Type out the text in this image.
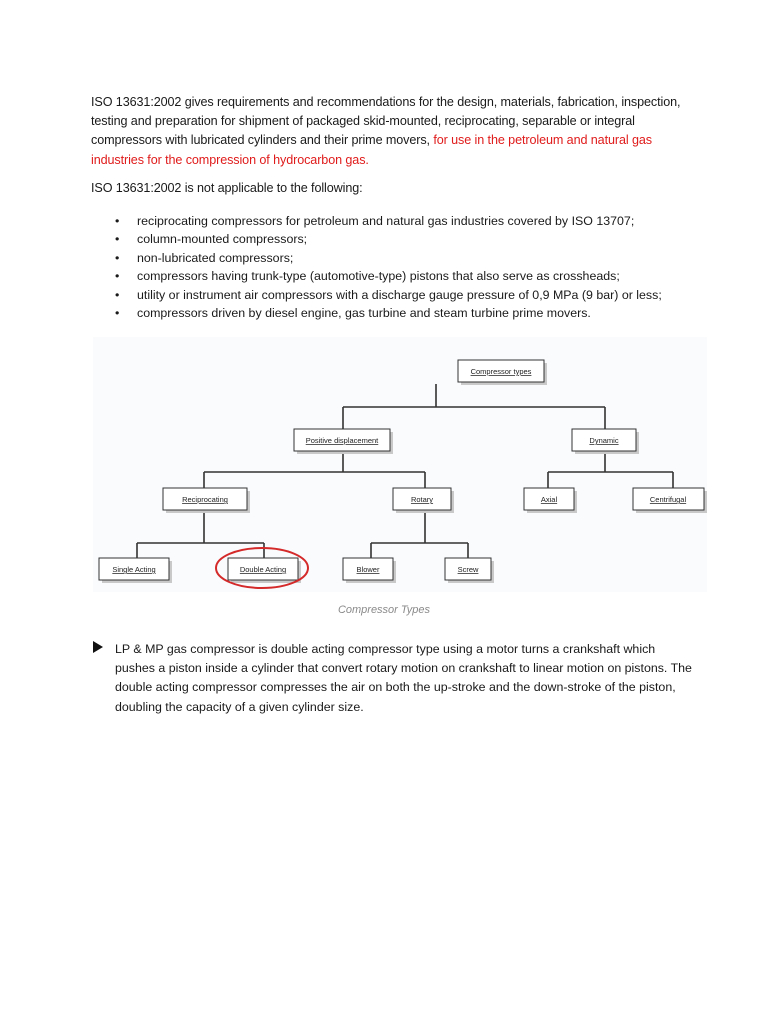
ISO 13631:2002 gives requirements and recommendations for the design, materials, fabrication, inspection, testing and preparation for shipment of packaged skid-mounted, reciprocating, separable or integral compressors with lubricated cylinders and their prime movers, for use in the petroleum and natural gas industries for the compression of hydrocarbon gas.
ISO 13631:2002 is not applicable to the following:
• reciprocating compressors for petroleum and natural gas industries covered by ISO 13707;
• column-mounted compressors;
• non-lubricated compressors;
• compressors having trunk-type (automotive-type) pistons that also serve as crossheads;
• utility or instrument air compressors with a discharge gauge pressure of 0,9 MPa (9 bar) or less;
• compressors driven by diesel engine, gas turbine and steam turbine prime movers.
Compressor types
Positive displacement	Dynamic
Reciprocating	Rotary	Axial	Centrifugal
Single Acting	Double Acting	Blower	Screw
Compressor Types
LP & MP gas compressor is double acting compressor type using a motor turns a crankshaft which pushes a piston inside a cylinder that convert rotary motion on crankshaft to linear motion on pistons. The double acting compressor compresses the air on both the up-stroke and the down-stroke of the piston, doubling the capacity of a given cylinder size.
